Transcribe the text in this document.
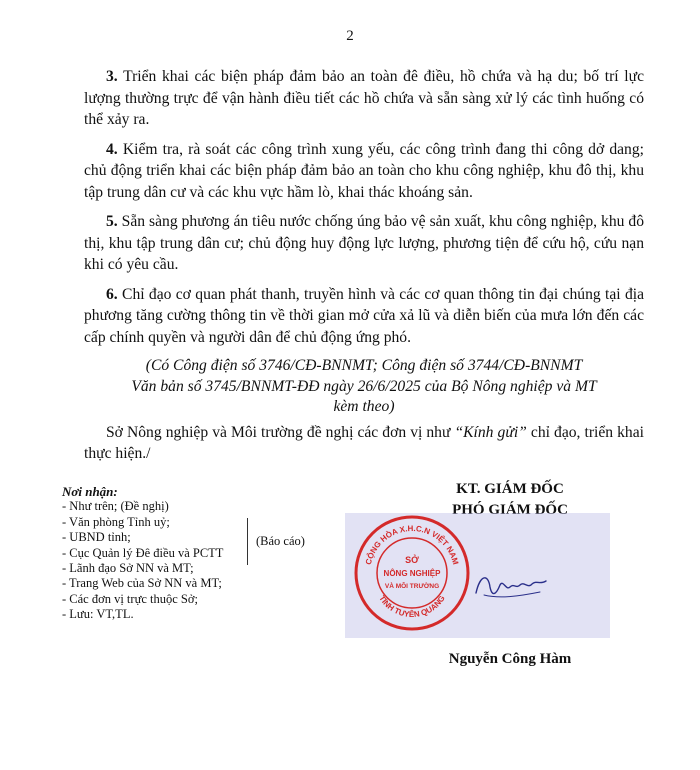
2

3. Triển khai các biện pháp đảm bảo an toàn đê điều, hồ chứa và hạ du; bố trí lực lượng thường trực để vận hành điều tiết các hồ chứa và sẵn sàng xử lý các tình huống có thể xảy ra.

4. Kiểm tra, rà soát các công trình xung yếu, các công trình đang thi công dở dang; chủ động triển khai các biện pháp đảm bảo an toàn cho khu công nghiệp, khu đô thị, khu tập trung dân cư và các khu vực hầm lò, khai thác khoáng sản.

5. Sẵn sàng phương án tiêu nước chống úng bảo vệ sản xuất, khu công nghiệp, khu đô thị, khu tập trung dân cư; chủ động huy động lực lượng, phương tiện để cứu hộ, cứu nạn khi có yêu cầu.

6. Chỉ đạo cơ quan phát thanh, truyền hình và các cơ quan thông tin đại chúng tại địa phương tăng cường thông tin về thời gian mở cửa xả lũ và diễn biến của mưa lớn đến các cấp chính quyền và người dân để chủ động ứng phó.

(Có Công điện số 3746/CĐ-BNNMT; Công điện số 3744/CĐ-BNNMT
Văn bản số 3745/BNNMT-ĐĐ ngày 26/6/2025 của Bộ Nông nghiệp và MT
kèm theo)

Sở Nông nghiệp và Môi trường đề nghị các đơn vị như “Kính gửi” chỉ đạo, triển khai thực hiện./

Nơi nhận:
- Như trên; (Đề nghị)
- Văn phòng Tỉnh uỷ;
- UBND tỉnh;
- Cục Quản lý Đê điều và PCTT
- Lãnh đạo Sở NN và MT;
- Trang Web của Sở NN và MT;
- Các đơn vị trực thuộc Sở;
- Lưu: VT,TL.
(Báo cáo)
KT. GIÁM ĐỐC
PHÓ GIÁM ĐỐC
CỘNG HÒA X.H.C.N VIỆT NAM
TỈNH TUYÊN QUANG
SỞ
NÔNG NGHIỆP
VÀ MÔI TRƯỜNG
Nguyễn Công Hàm
